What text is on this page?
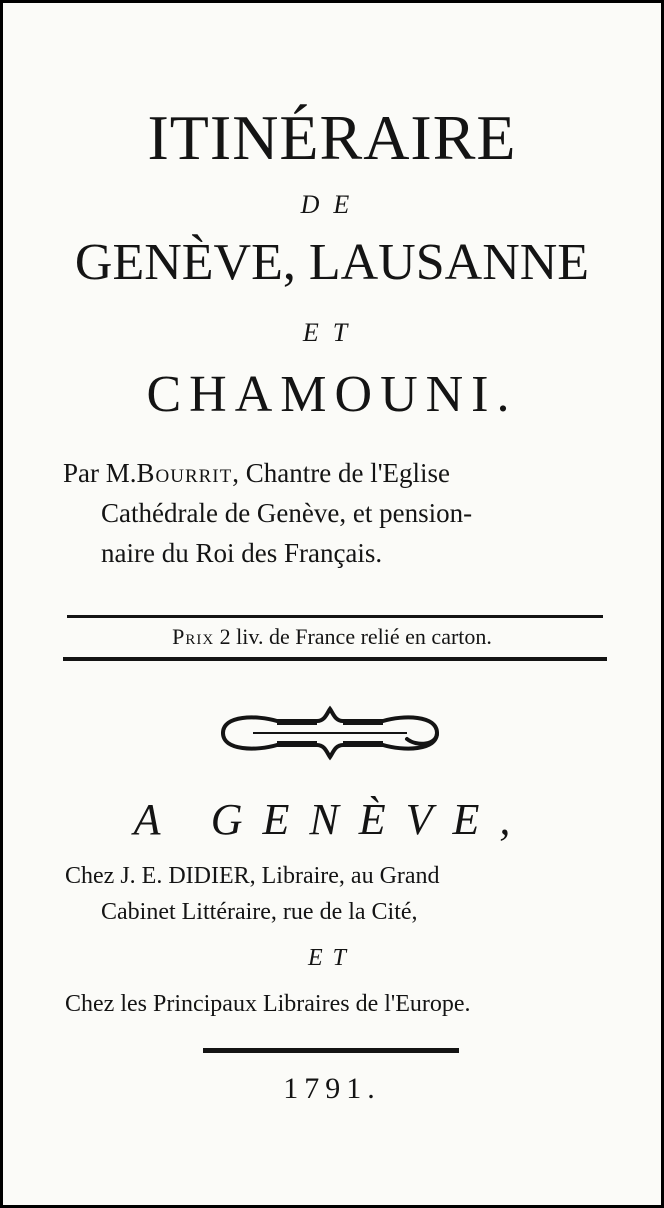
ITINÉRAIRE
DE
GENÈVE, LAUSANNE
ET
CHAMOUNI.
Par M.Bourrit, Chantre de l'Eglise
Cathédrale de Genève, et pension-
naire du Roi des Français.
Prix 2 liv. de France relié en carton.
A GENÈVE,
Chez J. E. DIDIER, Libraire, au Grand
Cabinet Littéraire, rue de la Cité,
ET
Chez les Principaux Libraires de l'Europe.
1791.
